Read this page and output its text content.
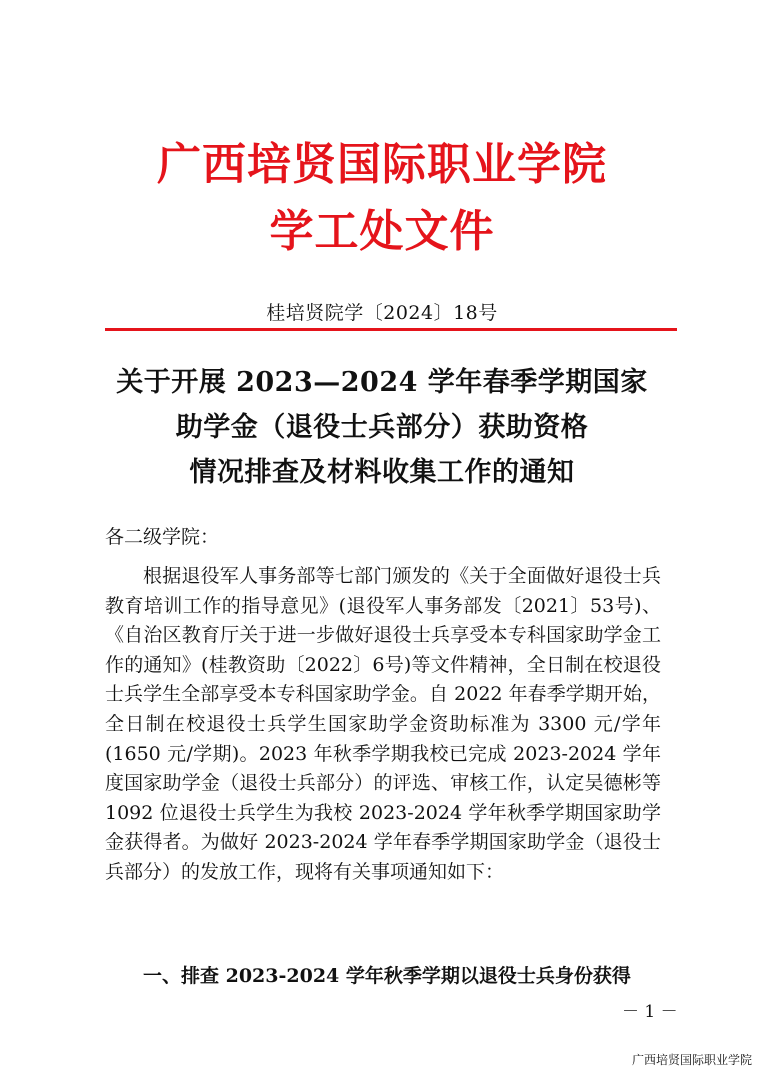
广西培贤国际职业学院
学工处文件
桂培贤院学〔2024〕18号
关于开展 2023—2024 学年春季学期国家
助学金（退役士兵部分）获助资格
情况排查及材料收集工作的通知
各二级学院：

根据退役军人事务部等七部门颁发的《关于全面做好退役士兵教育培训工作的指导意见》(退役军人事务部发〔2021〕53号)、《自治区教育厅关于进一步做好退役士兵享受本专科国家助学金工作的通知》(桂教资助〔2022〕6号)等文件精神，全日制在校退役士兵学生全部享受本专科国家助学金。自 2022 年春季学期开始，全日制在校退役士兵学生国家助学金资助标准为 3300 元/学年(1650 元/学期)。2023 年秋季学期我校已完成 2023-2024 学年度国家助学金（退役士兵部分）的评选、审核工作，认定吴德彬等 1092 位退役士兵学生为我校 2023-2024 学年秋季学期国家助学金获得者。为做好 2023-2024 学年春季学期国家助学金（退役士兵部分）的发放工作，现将有关事项通知如下：

一、排查 2023-2024 学年秋季学期以退役士兵身份获得
－ 1 －
广西培贤国际职业学院
